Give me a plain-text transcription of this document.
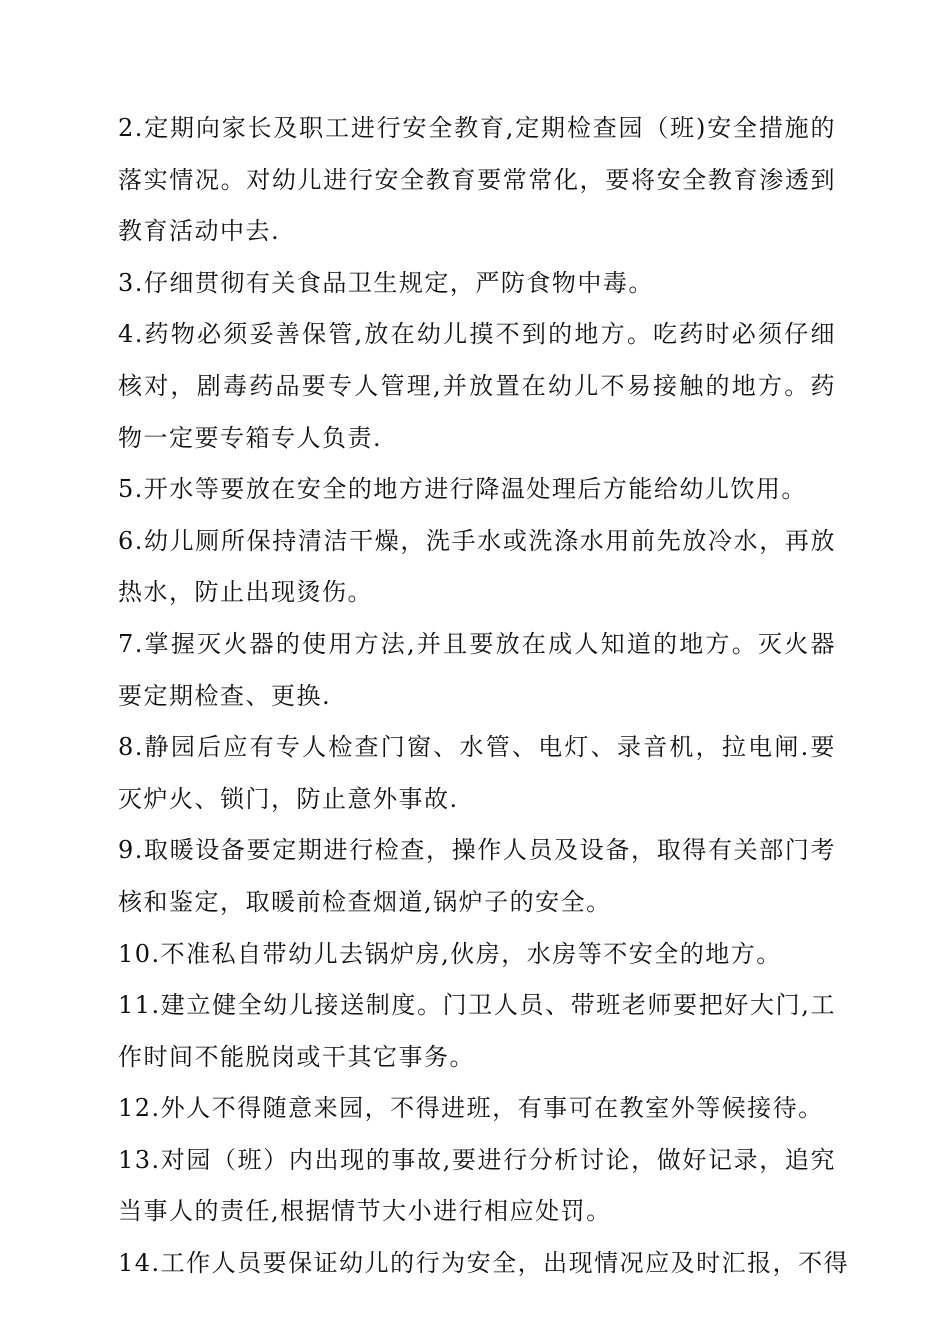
2.定期向家长及职工进行安全教育,定期检查园（班)安全措施的
落实情况。对幼儿进行安全教育要常常化，要将安全教育渗透到
教育活动中去.

3.仔细贯彻有关食品卫生规定，严防食物中毒。

4.药物必须妥善保管,放在幼儿摸不到的地方。吃药时必须仔细
核对，剧毒药品要专人管理,并放置在幼儿不易接触的地方。药
物一定要专箱专人负责.

5.开水等要放在安全的地方进行降温处理后方能给幼儿饮用。

6.幼儿厕所保持清洁干燥，洗手水或洗涤水用前先放冷水，再放
热水，防止出现烫伤。

7.掌握灭火器的使用方法,并且要放在成人知道的地方。灭火器
要定期检查、更换.

8.静园后应有专人检查门窗、水管、电灯、录音机，拉电闸.要
灭炉火、锁门，防止意外事故.

9.取暖设备要定期进行检查，操作人员及设备，取得有关部门考
核和鉴定，取暖前检查烟道,锅炉子的安全。

10.不准私自带幼儿去锅炉房,伙房，水房等不安全的地方。

11.建立健全幼儿接送制度。门卫人员、带班老师要把好大门,工
作时间不能脱岗或干其它事务。

12.外人不得随意来园，不得进班，有事可在教室外等候接待。

13.对园（班）内出现的事故,要进行分析讨论，做好记录，追究
当事人的责任,根据情节大小进行相应处罚。

14.工作人员要保证幼儿的行为安全，出现情况应及时汇报，不得
